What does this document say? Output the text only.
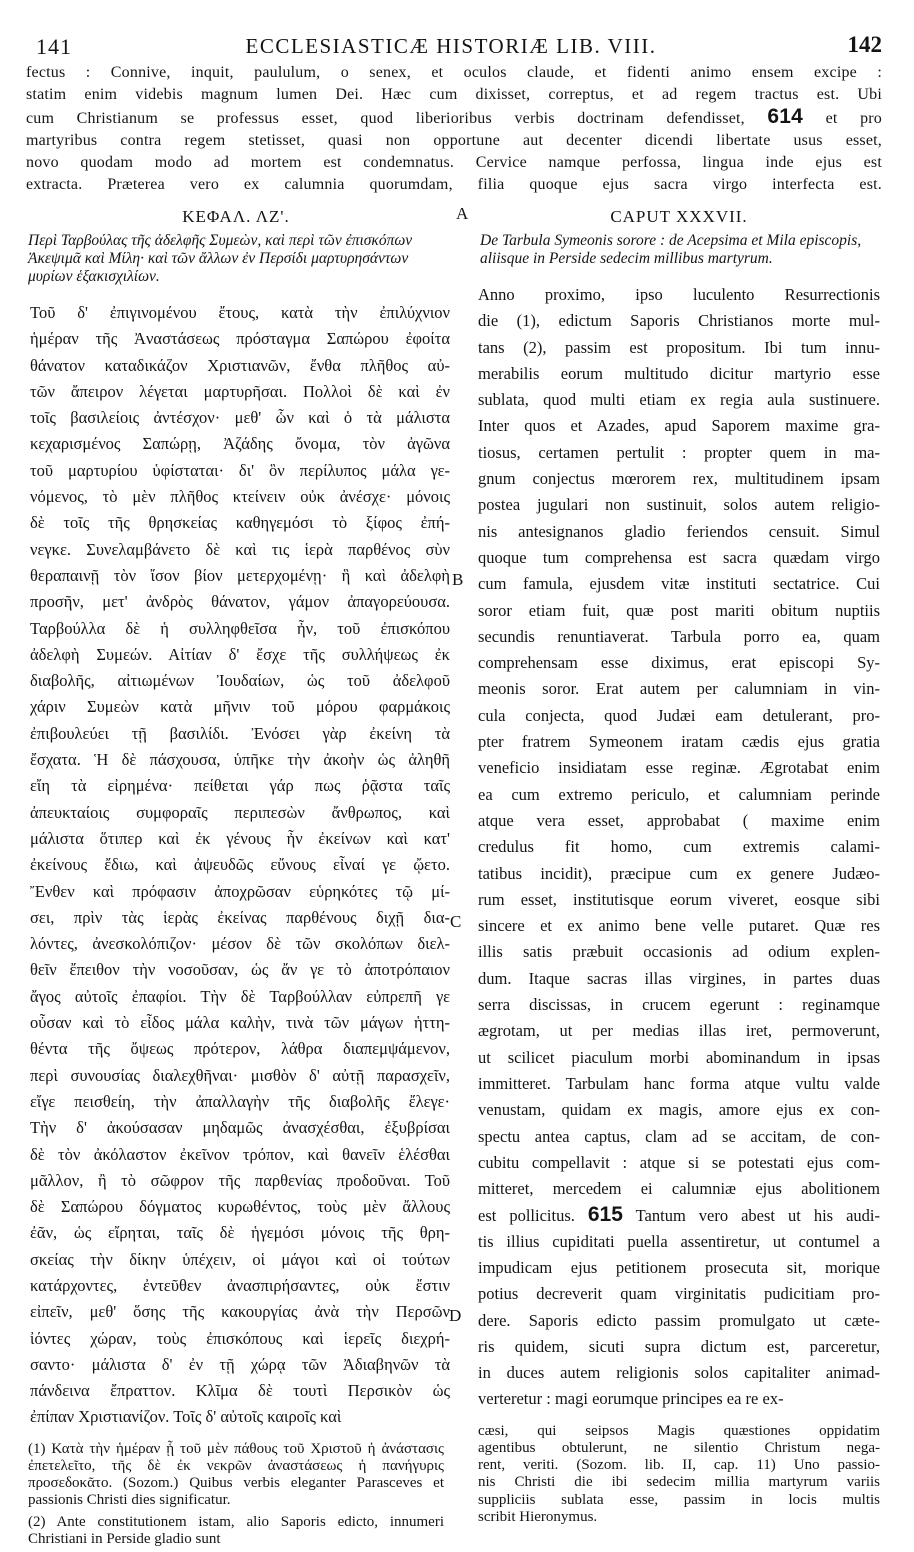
141	ECCLESIASTICÆ HISTORIÆ LIB. VIII.	142
fectus : Connive, inquit, paululum, o senex, et oculos claude, et fidenti animo ensem excipe :
statim enim videbis magnum lumen Dei. Hæc cum dixisset, correptus, et ad regem tractus est. Ubi
cum Christianum se professus esset, quod liberioribus verbis doctrinam defendisset, 614 et pro
martyribus contra regem stetisset, quasi non opportune aut decenter dicendi libertate usus esset,
novo quodam modo ad mortem est condemnatus. Cervice namque perfossa, lingua inde ejus est
extracta. Præterea vero ex calumnia quorumdam, filia quoque ejus sacra virgo interfecta est.
ΚΕΦΑΛ. ΛΖ'.
Περὶ Ταρβούλας τῆς ἀδελφῆς Συμεὼν, καὶ περὶ τῶν ἐπισκόπων Ἀκεψιμᾶ καὶ Μίλη· καὶ τῶν ἄλλων ἐν Περσίδι μαρτυρησάντων μυρίων ἑξακισχιλίων.
Τοῦ δ' ἐπιγινομένου ἔτους, κατὰ τὴν ἐπιλύχνιον
ἡμέραν τῆς Ἀναστάσεως πρόσταγμα Σαπώρου ἐφοίτα
θάνατον καταδικάζον Χριστιανῶν, ἔνθα πλῆθος αὐ-
τῶν ἄπειρον λέγεται μαρτυρῆσαι. Πολλοὶ δὲ καὶ ἐν
τοῖς βασιλείοις ἀντέσχον· μεθ' ὧν καὶ ὁ τὰ μάλιστα
κεχαρισμένος Σαπώρῃ, Ἀζάδης ὄνομα, τὸν ἀγῶνα
τοῦ μαρτυρίου ὑφίσταται· δι' ὃν περίλυπος μάλα γε-
νόμενος, τὸ μὲν πλῆθος κτείνειν οὐκ ἀνέσχε· μόνοις
δὲ τοῖς τῆς θρησκείας καθηγεμόσι τὸ ξίφος ἐπή-
νεγκε. Συνελαμβάνετο δὲ καὶ τις ἱερὰ παρθένος σὺν
θεραπαινῇ τὸν ἴσον βίον μετερχομένῃ· ἣ καὶ ἀδελφὴ
προσῆν, μετ' ἀνδρὸς θάνατον, γάμον ἀπαγορεύουσα.
Ταρβούλλα δὲ ἡ συλληφθεῖσα ἦν, τοῦ ἐπισκόπου
ἀδελφὴ Συμεών. Αἰτίαν δ' ἔσχε τῆς συλλήψεως ἐκ
διαβολῆς, αἰτιωμένων Ἰουδαίων, ὡς τοῦ ἀδελφοῦ
χάριν Συμεὼν κατὰ μῆνιν τοῦ μόρου φαρμάκοις
ἐπιβουλεύει τῇ βασιλίδι. Ἐνόσει γὰρ ἐκείνη τὰ
ἔσχατα. Ἡ δὲ πάσχουσα, ὑπῆκε τὴν ἀκοὴν ὡς ἀληθῆ
εἴη τὰ εἰρημένα· πείθεται γάρ πως ῥᾷστα ταῖς
ἀπευκταίοις συμφοραῖς περιπεσὼν ἄνθρωπος, καὶ
μάλιστα ὅτιπερ καὶ ἐκ γένους ἦν ἐκείνων καὶ κατ'
ἐκείνους ἔδιω, καὶ ἀψευδῶς εὔνους εἶναί γε ᾤετο.
Ἔνθεν καὶ πρόφασιν ἀποχρῶσαν εὑρηκότες τῷ μί-
σει, πρὶν τὰς ἱερὰς ἐκείνας παρθένους διχῇ δια-
λόντες, ἀνεσκολόπιζον· μέσον δὲ τῶν σκολόπων διελ-
θεῖν ἔπειθον τὴν νοσοῦσαν, ὡς ἄν γε τὸ ἀποτρόπαιον
ἄγος αὐτοῖς ἐπαφίοι. Τὴν δὲ Ταρβούλλαν εὐπρεπῆ γε
οὖσαν καὶ τὸ εἶδος μάλα καλὴν, τινὰ τῶν μάγων ἡττη-
θέντα τῆς ὄψεως πρότερον, λάθρα διαπεμψάμενον,
περὶ συνουσίας διαλεχθῆναι· μισθὸν δ' αὐτῇ παρασχεῖν,
εἴγε πεισθείη, τὴν ἀπαλλαγὴν τῆς διαβολῆς ἔλεγε·
Τὴν δ' ἀκούσασαν μηδαμῶς ἀνασχέσθαι, ἐξυβρίσαι
δὲ τὸν ἀκόλαστον ἐκεῖνον τρόπον, καὶ θανεῖν ἑλέσθαι
μᾶλλον, ἢ τὸ σῶφρον τῆς παρθενίας προδοῦναι. Τοῦ
δὲ Σαπώρου δόγματος κυρωθέντος, τοὺς μὲν ἄλλους
ἐᾶν, ὡς εἴρηται, ταῖς δὲ ἡγεμόσι μόνοις τῆς θρη-
σκείας τὴν δίκην ὑπέχειν, οἱ μάγοι καὶ οἱ τούτων
κατάρχοντες, ἐντεῦθεν ἀνασπιρήσαντες, οὐκ ἔστιν
εἰπεῖν, μεθ' ὅσης τῆς κακουργίας ἀνὰ τὴν Περσῶν
ἰόντες χώραν, τοὺς ἐπισκόπους καὶ ἱερεῖς διεχρή-
σαντο· μάλιστα δ' ἐν τῇ χώρᾳ τῶν Ἀδιαβηνῶν τὰ
πάνδεινα ἔπραττον. Κλῖμα δὲ τουτὶ Περσικὸν ὡς
ἐπίπαν Χριστιανίζον. Τοῖς δ' αὐτοῖς καιροῖς καὶ
(1) Κατὰ τὴν ἡμέραν ᾗ τοῦ μὲν πάθους τοῦ Χριστοῦ ἡ ἀνάστασις ἐπετελεῖτο, τῆς δὲ ἐκ νεκρῶν ἀναστάσεως ἡ πανήγυρις προσεδοκᾶτο. (Sozom.) Quibus verbis eleganter Parasceves et passionis Christi dies significatur.
(2) Ante constitutionem istam, alio Saporis edicto, innumeri Christiani in Perside gladio sunt
CAPUT XXXVII.
De Tarbula Symeonis sorore : de Acepsima et Mila episcopis, aliisque in Perside sedecim millibus martyrum.
Anno proximo, ipso luculento Resurrectionis
die (1), edictum Saporis Christianos morte mul-
tans (2), passim est propositum. Ibi tum innu-
merabilis eorum multitudo dicitur martyrio esse
sublata, quod multi etiam ex regia aula sustinuere.
Inter quos et Azades, apud Saporem maxime gra-
tiosus, certamen pertulit : propter quem in ma-
gnum conjectus mœrorem rex, multitudinem ipsam
postea jugulari non sustinuit, solos autem religio-
nis antesignanos gladio feriendos censuit. Simul
quoque tum comprehensa est sacra quædam virgo
cum famula, ejusdem vitæ instituti sectatrice. Cui
soror etiam fuit, quæ post mariti obitum nuptiis
secundis renuntiaverat. Tarbula porro ea, quam
comprehensam esse diximus, erat episcopi Sy-
meonis soror. Erat autem per calumniam in vin-
cula conjecta, quod Judæi eam detulerant, pro-
pter fratrem Symeonem iratam cædis ejus gratia
veneficio insidiatam esse reginæ. Ægrotabat enim
ea cum extremo periculo, et calumniam perinde
atque vera esset, approbabat ( maxime enim
credulus fit homo, cum extremis calami-
tatibus incidit), præcipue cum ex genere Judæo-
rum esset, institutisque eorum viveret, eosque sibi
sincere et ex animo bene velle putaret. Quæ res
illis satis præbuit occasionis ad odium explen-
dum. Itaque sacras illas virgines, in partes duas
serra discissas, in crucem egerunt : reginamque
ægrotam, ut per medias illas iret, permoverunt,
ut scilicet piaculum morbi abominandum in ipsas
immitteret. Tarbulam hanc forma atque vultu valde
venustam, quidam ex magis, amore ejus ex con-
spectu antea captus, clam ad se accitam, de con-
cubitu compellavit : atque si se potestati ejus com-
mitteret, mercedem ei calumniæ ejus abolitionem
est pollicitus. 615 Tantum vero abest ut his audi-
tis illius cupiditati puella assentiretur, ut contumel a
impudicam ejus petitionem prosecuta sit, morique
potius decreverit quam virginitatis pudicitiam pro-
dere. Saporis edicto passim promulgato ut cæte-
ris quidem, sicuti supra dictum est, parceretur,
in duces autem religionis solos capitaliter animad-
verteretur : magi eorumque principes ea re ex-
cæsi, qui seipsos Magis quæstiones oppidatim
agentibus obtulerunt, ne silentio Christum nega-
rent, veriti. (Sozom. lib. II, cap. 11) Uno passio-
nis Christi die ibi sedecim millia martyrum variis
suppliciis sublata esse, passim in locis multis
scribit Hieronymus.
A
B
C
D
